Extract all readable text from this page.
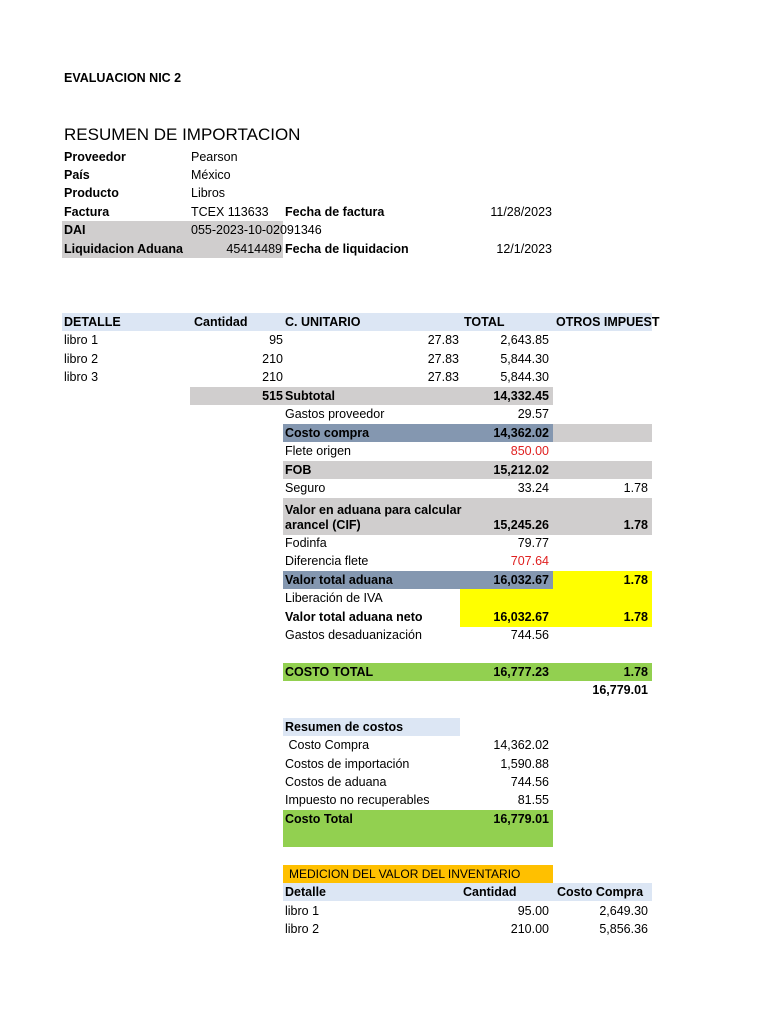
EVALUACION NIC 2
RESUMEN DE IMPORTACION
Proveedor	Pearson
País	México
Producto	Libros
Factura	TCEX 113633 Fecha de factura	11/28/2023
DAI	055-2023-10-02091346
Liquidacion Aduana	45414489 Fecha de liquidacion	12/1/2023
DETALLE	Cantidad	C. UNITARIO	TOTAL	OTROS IMPUEST
libro 1	95	27.83	2,643.85
libro 2	210	27.83	5,844.30
libro 3	210	27.83	5,844.30
515 Subtotal	14,332.45
Gastos proveedor	29.57
Costo compra	14,362.02
Flete origen	850.00
FOB	15,212.02
Seguro	33.24	1.78
Valor en aduana para calcular
arancel (CIF)	15,245.26	1.78
Fodinfa	79.77
Diferencia flete	707.64
Valor total aduana	16,032.67	1.78
Liberación de IVA
Valor total aduana neto	16,032.67	1.78
Gastos desaduanización	744.56
COSTO TOTAL	16,777.23	1.78
16,779.01
Resumen de costos
Costo Compra	14,362.02
Costos de importación	1,590.88
Costos de aduana	744.56
Impuesto no recuperables	81.55
Costo Total	16,779.01
MEDICION DEL VALOR DEL INVENTARIO
Detalle	Cantidad	Costo Compra
libro 1	95.00	2,649.30
libro 2	210.00	5,856.36
